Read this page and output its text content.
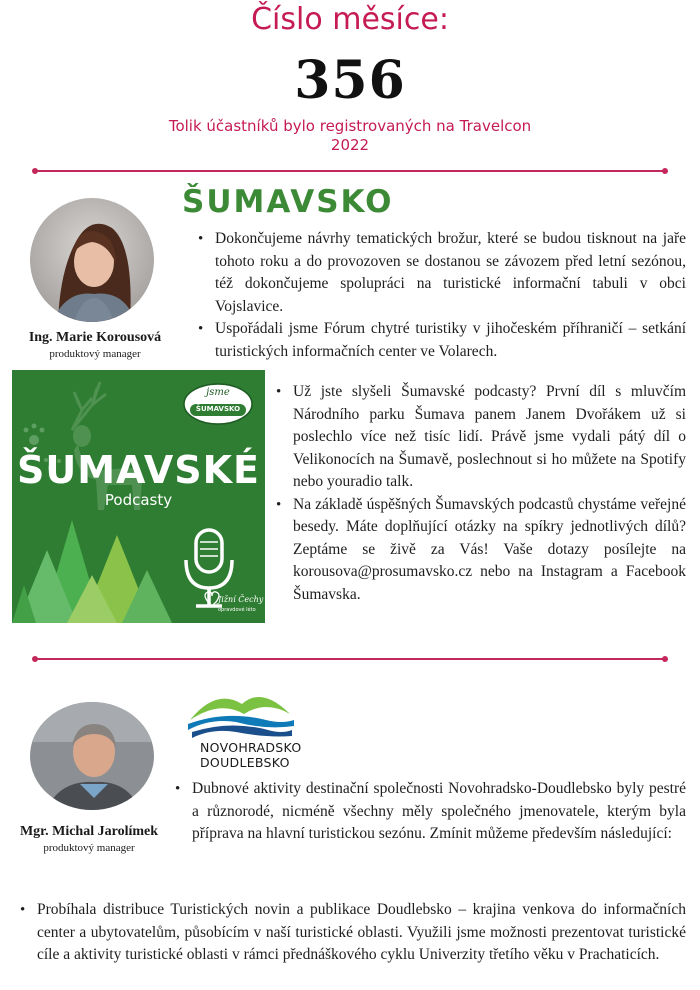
Číslo měsíce:
356
Tolik účastníků bylo registrovaných na Travelcon 2022
Ing. Marie Korousová
produktový manager
ŠUMAVSKO
• Dokončujeme návrhy tematických brožur, které se budou tisknout na jaře tohoto roku a do provozoven se dostanou se závozem před letní sezónou, též dokončujeme spolupráci na turistické informační tabuli v obci Vojslavice.
• Uspořádali jsme Fórum chytré turistiky v jihočeském příhraničí – setkání turistických informačních center ve Volarech.
jsme
ŠUMAVSKO
ŠUMAVSKÉ
Podcasty
Jižní Čechy
opravdové léto
• Už jste slyšeli Šumavské podcasty? První díl s mluvčím Národního parku Šumava panem Janem Dvořákem už si poslechlo více než tisíc lidí. Právě jsme vydali pátý díl o Velikonocích na Šumavě, poslechnout si ho můžete na Spotify nebo youradio talk.
• Na základě úspěšných Šumavských podcastů chystáme veřejné besedy. Máte doplňující otázky na spíkry jednotlivých dílů? Zeptáme se živě za Vás! Vaše dotazy posílejte na korousova@prosumavsko.cz nebo na Instagram a Facebook Šumavska.
NOVOHRADSKO
DOUDLEBSKO
Mgr. Michal Jarolímek
produktový manager
• Dubnové aktivity destinační společnosti Novohradsko-Doudlebsko byly pestré a různorodé, nicméně všechny měly společného jmenovatele, kterým byla příprava na hlavní turistickou sezónu. Zmínit můžeme především následující:
• Probíhala distribuce Turistických novin a publikace Doudlebsko – krajina venkova do informačních center a ubytovatelům, působícím v naší turistické oblasti. Využili jsme možnosti prezentovat turistické cíle a aktivity turistické oblasti v rámci přednáškového cyklu Univerzity třetího věku v Prachaticích.
